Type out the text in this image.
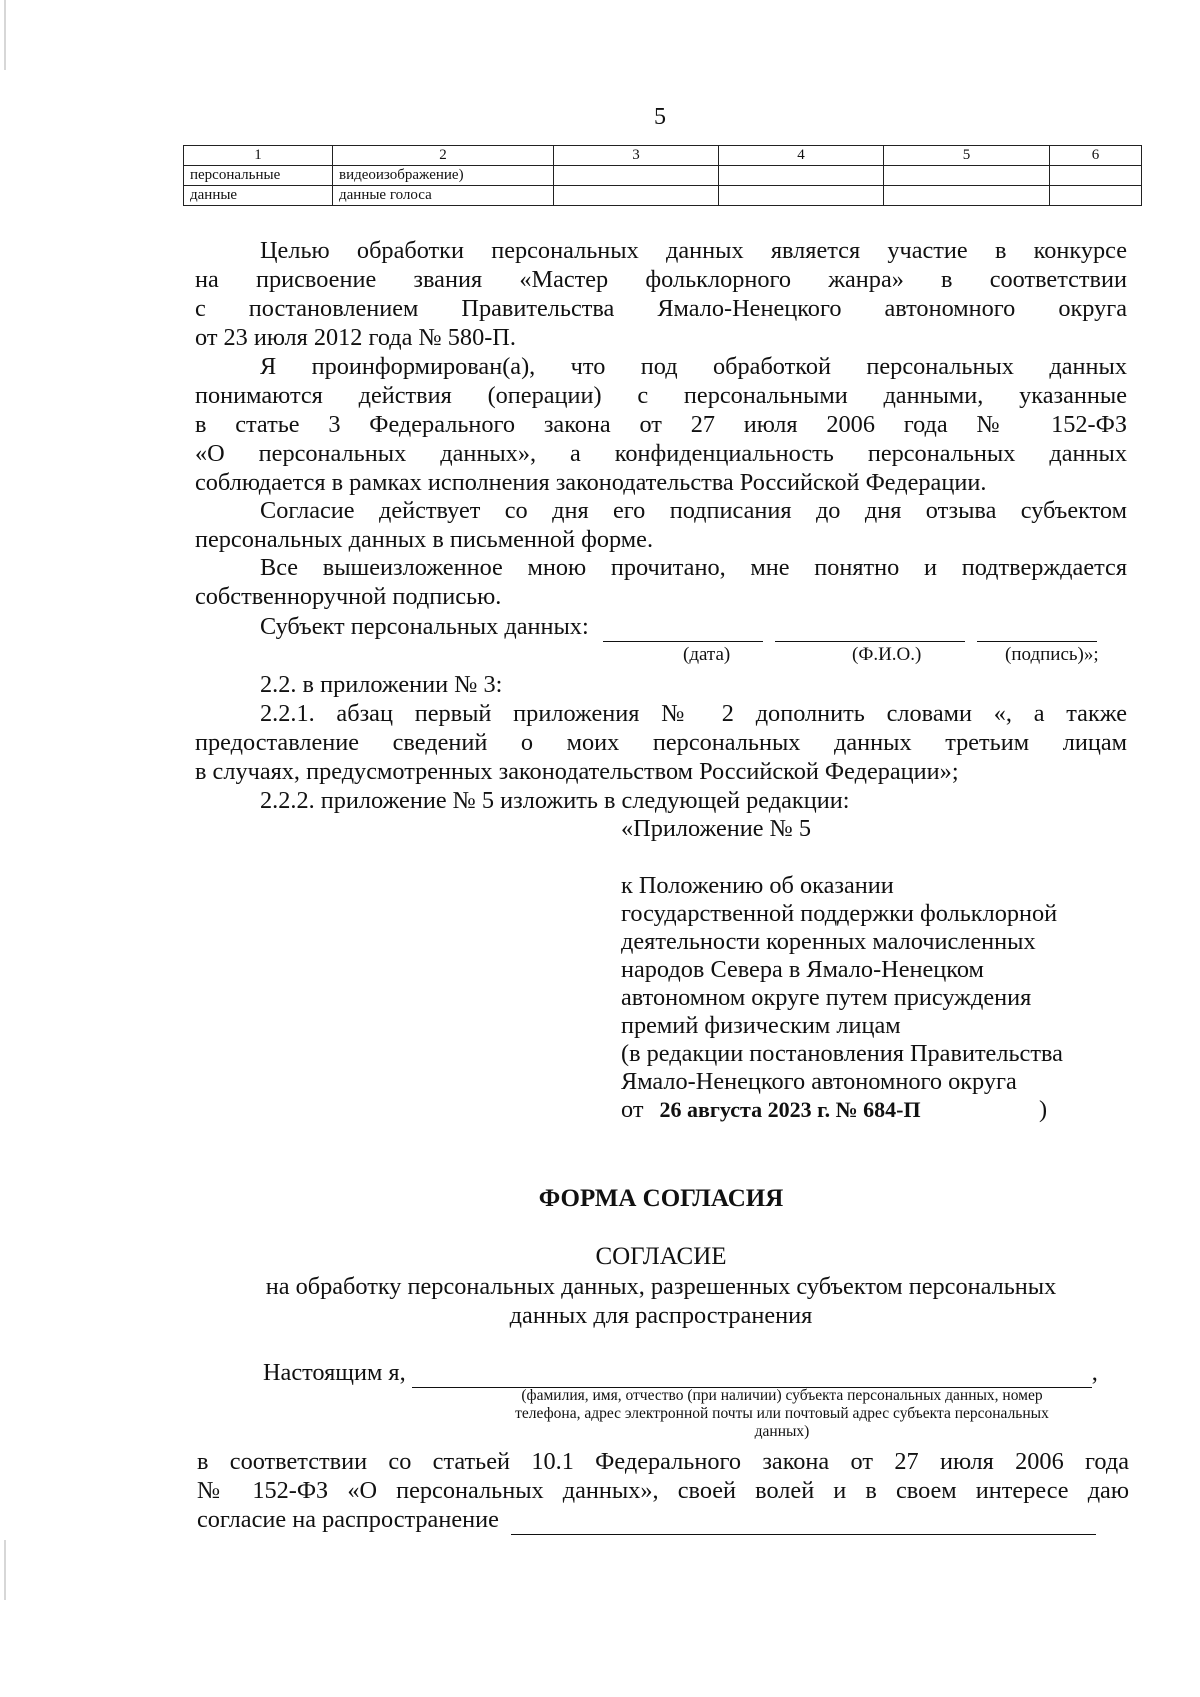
5
1	2	3	4	5	6
персональные	видеоизображение)				
данные	данные голоса				
Целью обработки персональных данных является участие в конкурсе
на присвоение звания «Мастер фольклорного жанра» в соответствии
с постановлением Правительства Ямало-Ненецкого автономного округа
от 23 июля 2012 года № 580-П.
Я проинформирован(а), что под обработкой персональных данных
понимаются действия (операции) с персональными данными, указанные
в статье 3 Федерального закона от 27 июля 2006 года № 152-ФЗ
«О персональных данных», а конфиденциальность персональных данных
соблюдается в рамках исполнения законодательства Российской Федерации.
Согласие действует со дня его подписания до дня отзыва субъектом
персональных данных в письменной форме.
Все вышеизложенное мною прочитано, мне понятно и подтверждается
собственноручной подписью.
Субъект персональных данных:
(дата)	(Ф.И.О.)	(подпись)»;
2.2. в приложении № 3:
2.2.1. абзац первый приложения № 2 дополнить словами «, а также
предоставление сведений о моих персональных данных третьим лицам
в случаях, предусмотренных законодательством Российской Федерации»;
2.2.2. приложение № 5 изложить в следующей редакции:
«Приложение № 5
к Положению об оказании
государственной поддержки фольклорной
деятельности коренных малочисленных
народов Севера в Ямало-Ненецком
автономном округе путем присуждения
премий физическим лицам
(в редакции постановления Правительства
Ямало-Ненецкого автономного округа
от 26 августа 2023 г. № 684-П	)
ФОРМА СОГЛАСИЯ
СОГЛАСИЕ
на обработку персональных данных, разрешенных субъектом персональных
данных для распространения
Настоящим я,	,
(фамилия, имя, отчество (при наличии) субъекта персональных данных, номер
телефона, адрес электронной почты или почтовый адрес субъекта персональных
данных)
в соответствии со статьей 10.1 Федерального закона от 27 июля 2006 года
№ 152-ФЗ «О персональных данных», своей волей и в своем интересе даю
согласие на распространение
